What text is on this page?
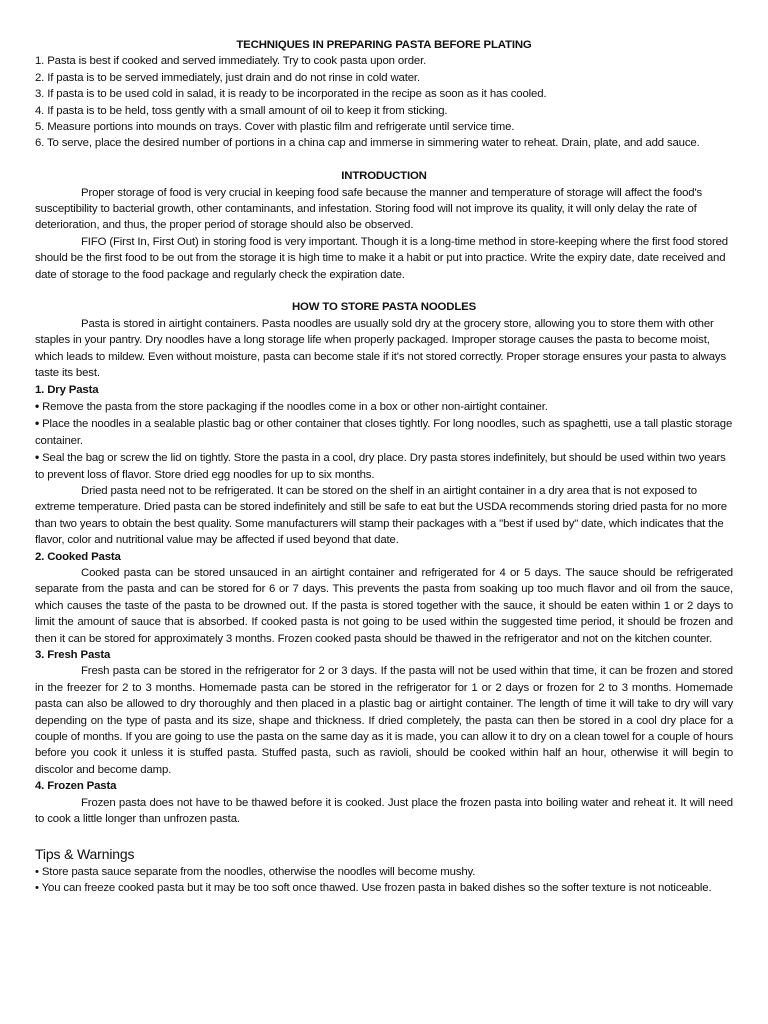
TECHNIQUES IN PREPARING PASTA BEFORE PLATING

1. Pasta is best if cooked and served immediately. Try to cook pasta upon order.

2. If pasta is to be served immediately, just drain and do not rinse in cold water.

3. If pasta is to be used cold in salad, it is ready to be incorporated in the recipe as soon as it has cooled.

4. If pasta is to be held, toss gently with a small amount of oil to keep it from sticking.

5. Measure portions into mounds on trays. Cover with plastic film and refrigerate until service time.

6. To serve, place the desired number of portions in a china cap and immerse in simmering water to reheat. Drain, plate, and add sauce.

INTRODUCTION

Proper storage of food is very crucial in keeping food safe because the manner and temperature of storage will affect the food's susceptibility to bacterial growth, other contaminants, and infestation. Storing food will not improve its quality, it will only delay the rate of deterioration, and thus, the proper period of storage should also be observed.

FIFO (First In, First Out) in storing food is very important. Though it is a long-time method in store-keeping where the first food stored should be the first food to be out from the storage it is high time to make it a habit or put into practice. Write the expiry date, date received and date of storage to the food package and regularly check the expiration date.

HOW TO STORE PASTA NOODLES

Pasta is stored in airtight containers. Pasta noodles are usually sold dry at the grocery store, allowing you to store them with other staples in your pantry. Dry noodles have a long storage life when properly packaged. Improper storage causes the pasta to become moist, which leads to mildew. Even without moisture, pasta can become stale if it's not stored correctly. Proper storage ensures your pasta to always taste its best.

1. Dry Pasta

• Remove the pasta from the store packaging if the noodles come in a box or other non-airtight container.

• Place the noodles in a sealable plastic bag or other container that closes tightly. For long noodles, such as spaghetti, use a tall plastic storage container.

• Seal the bag or screw the lid on tightly. Store the pasta in a cool, dry place. Dry pasta stores indefinitely, but should be used within two years to prevent loss of flavor. Store dried egg noodles for up to six months.

Dried pasta need not to be refrigerated. It can be stored on the shelf in an airtight container in a dry area that is not exposed to extreme temperature. Dried pasta can be stored indefinitely and still be safe to eat but the USDA recommends storing dried pasta for no more than two years to obtain the best quality. Some manufacturers will stamp their packages with a "best if used by" date, which indicates that the flavor, color and nutritional value may be affected if used beyond that date.

2. Cooked Pasta

Cooked pasta can be stored unsauced in an airtight container and refrigerated for 4 or 5 days. The sauce should be refrigerated separate from the pasta and can be stored for 6 or 7 days. This prevents the pasta from soaking up too much flavor and oil from the sauce, which causes the taste of the pasta to be drowned out. If the pasta is stored together with the sauce, it should be eaten within 1 or 2 days to limit the amount of sauce that is absorbed. If cooked pasta is not going to be used within the suggested time period, it should be frozen and then it can be stored for approximately 3 months. Frozen cooked pasta should be thawed in the refrigerator and not on the kitchen counter.

3. Fresh Pasta

Fresh pasta can be stored in the refrigerator for 2 or 3 days. If the pasta will not be used within that time, it can be frozen and stored in the freezer for 2 to 3 months. Homemade pasta can be stored in the refrigerator for 1 or 2 days or frozen for 2 to 3 months. Homemade pasta can also be allowed to dry thoroughly and then placed in a plastic bag or airtight container. The length of time it will take to dry will vary depending on the type of pasta and its size, shape and thickness. If dried completely, the pasta can then be stored in a cool dry place for a couple of months. If you are going to use the pasta on the same day as it is made, you can allow it to dry on a clean towel for a couple of hours before you cook it unless it is stuffed pasta. Stuffed pasta, such as ravioli, should be cooked within half an hour, otherwise it will begin to discolor and become damp.

4. Frozen Pasta

Frozen pasta does not have to be thawed before it is cooked. Just place the frozen pasta into boiling water and reheat it. It will need to cook a little longer than unfrozen pasta.

Tips & Warnings

• Store pasta sauce separate from the noodles, otherwise the noodles will become mushy.

• You can freeze cooked pasta but it may be too soft once thawed. Use frozen pasta in baked dishes so the softer texture is not noticeable.
